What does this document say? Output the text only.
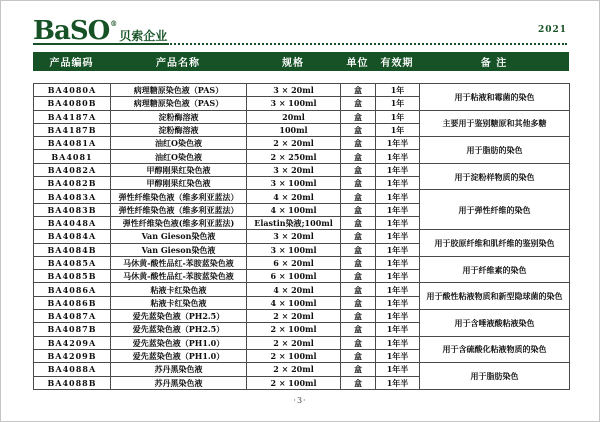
BaSO ®
贝索企业	2021
产品编码	产品名称	规格	单位	有效期	备 注
BA4080A	病理糖原染色液（PAS）	3 × 20ml	盒	1年	用于粘液和霉菌的染色
BA4080B	病理糖原染色液（PAS）	3 × 100ml	盒	1年	
BA4187A	淀粉酶溶液	20ml	盒	1年	主要用于鉴别糖原和其他多糖
BA4187B	淀粉酶溶液	100ml	盒	1年	
BA4081A	油红O染色液	2 × 20ml	盒	1年半	用于脂肪的染色
BA4081	油红O染色液	2 × 250ml	盒	1年半	
BA4082A	甲醇刚果红染色液	3 × 20ml	盒	1年半	用于淀粉样物质的染色
BA4082B	甲醇刚果红染色液	3 × 100ml	盒	1年半	
BA4083A	弹性纤维染色液（维多利亚蓝法）	4 × 20ml	盒	1年半	用于弹性纤维的染色
BA4083B	弹性纤维染色液（维多利亚蓝法）	4 × 100ml	盒	1年半	
BA4048A	弹性纤维染色液(维多利亚蓝法)	Elastin染液;100ml	盒	1年半	
BA4084A	Van Gieson染色液	3 × 20ml	盒	1年半	用于胶原纤维和肌纤维的鉴别染色
BA4084B	Van Gieson染色液	3 × 100ml	盒	1年半	
BA4085A	马休黄-酸性品红-苯胺蓝染色液	6 × 20ml	盒	1年半	用于纤维素的染色
BA4085B	马休黄-酸性品红-苯胺蓝染色液	6 × 100ml	盒	1年半	
BA4086A	粘液卡红染色液	4 × 20ml	盒	1年半	用于酸性粘液物质和新型隐球菌的染色
BA4086B	粘液卡红染色液	4 × 100ml	盒	1年半	
BA4087A	爱先蓝染色液（PH2.5）	2 × 20ml	盒	1年半	用于含唾液酸粘液染色
BA4087B	爱先蓝染色液（PH2.5）	2 × 100ml	盒	1年半	
BA4209A	爱先蓝染色液（PH1.0）	2 × 20ml	盒	1年半	用于含硫酸化粘液物质的染色
BA4209B	爱先蓝染色液（PH1.0）	2 × 100ml	盒	1年半	
BA4088A	苏丹黑染色液	2 × 20ml	盒	1年半	用于脂肪染色
BA4088B	苏丹黑染色液	2 × 100ml	盒	1年半	
·3·
